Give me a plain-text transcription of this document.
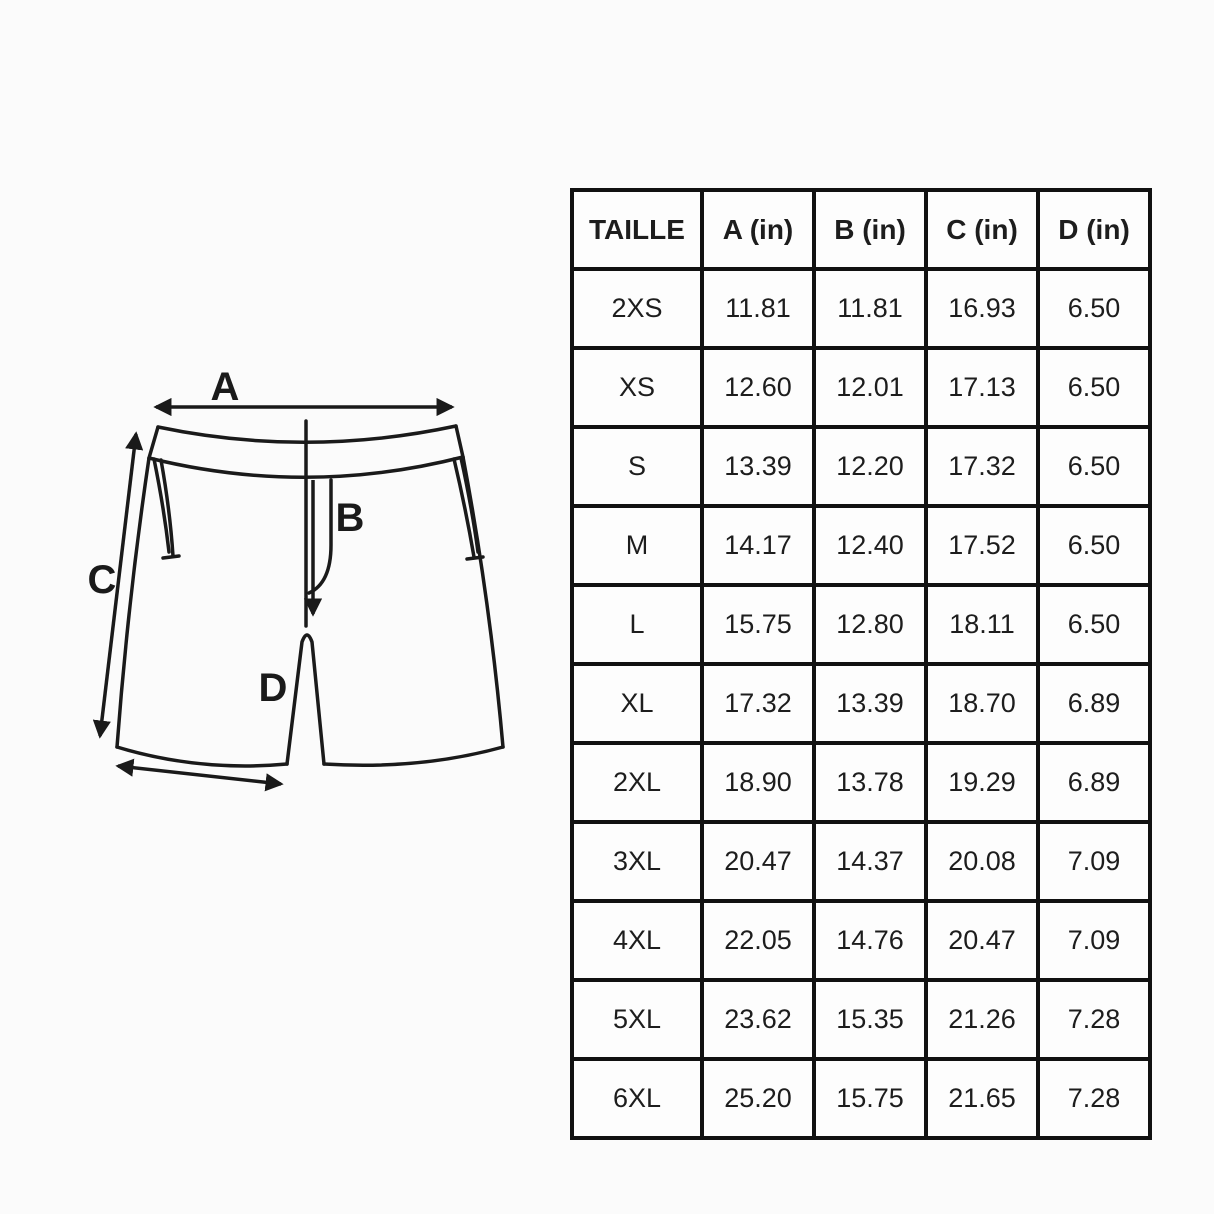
A
B
C
D
TAILLE	A (in)	B (in)	C (in)	D (in)
2XS	11.81	11.81	16.93	6.50
XS	12.60	12.01	17.13	6.50
S	13.39	12.20	17.32	6.50
M	14.17	12.40	17.52	6.50
L	15.75	12.80	18.11	6.50
XL	17.32	13.39	18.70	6.89
2XL	18.90	13.78	19.29	6.89
3XL	20.47	14.37	20.08	7.09
4XL	22.05	14.76	20.47	7.09
5XL	23.62	15.35	21.26	7.28
6XL	25.20	15.75	21.65	7.28
